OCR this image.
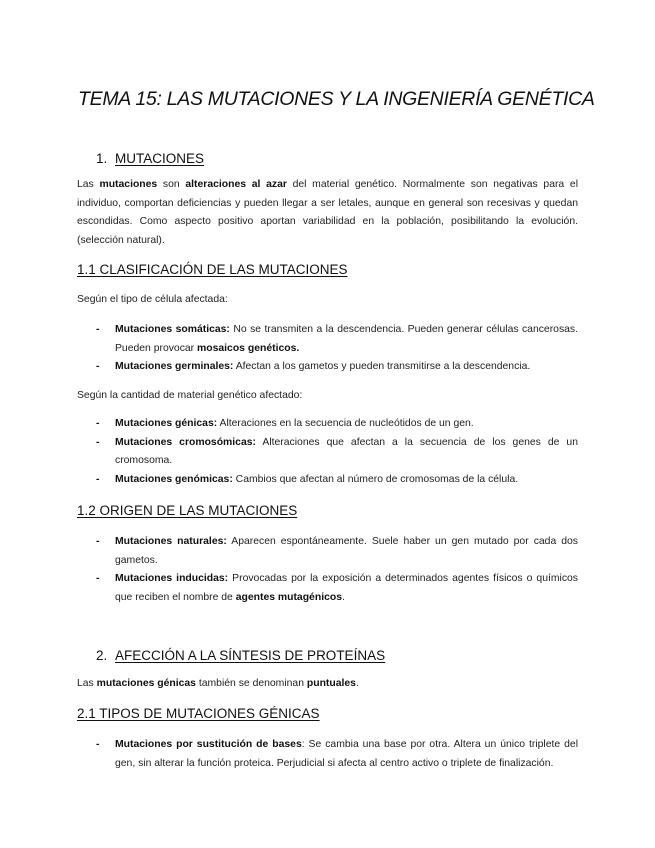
TEMA 15: LAS MUTACIONES Y LA INGENIERÍA GENÉTICA
1. MUTACIONES
Las mutaciones son alteraciones al azar del material genético. Normalmente son negativas para el individuo, comportan deficiencias y pueden llegar a ser letales, aunque en general son recesivas y quedan escondidas. Como aspecto positivo aportan variabilidad en la población, posibilitando la evolución. (selección natural).
1.1 CLASIFICACIÓN DE LAS MUTACIONES
Según el tipo de célula afectada:
- Mutaciones somáticas: No se transmiten a la descendencia. Pueden generar células cancerosas. Pueden provocar mosaicos genéticos.
- Mutaciones germinales: Afectan a los gametos y pueden transmitirse a la descendencia.
Según la cantidad de material genético afectado:
- Mutaciones génicas: Alteraciones en la secuencia de nucleótidos de un gen.
- Mutaciones cromosómicas: Alteraciones que afectan a la secuencia de los genes de un cromosoma.
- Mutaciones genómicas: Cambios que afectan al número de cromosomas de la célula.
1.2 ORIGEN DE LAS MUTACIONES
- Mutaciones naturales: Aparecen espontáneamente. Suele haber un gen mutado por cada dos gametos.
- Mutaciones inducidas: Provocadas por la exposición a determinados agentes físicos o químicos que reciben el nombre de agentes mutagénicos.
2. AFECCIÓN A LA SÍNTESIS DE PROTEÍNAS
Las mutaciones génicas también se denominan puntuales.
2.1 TIPOS DE MUTACIONES GÉNICAS
- Mutaciones por sustitución de bases: Se cambia una base por otra. Altera un único triplete del gen, sin alterar la función proteica. Perjudicial si afecta al centro activo o triplete de finalización.
